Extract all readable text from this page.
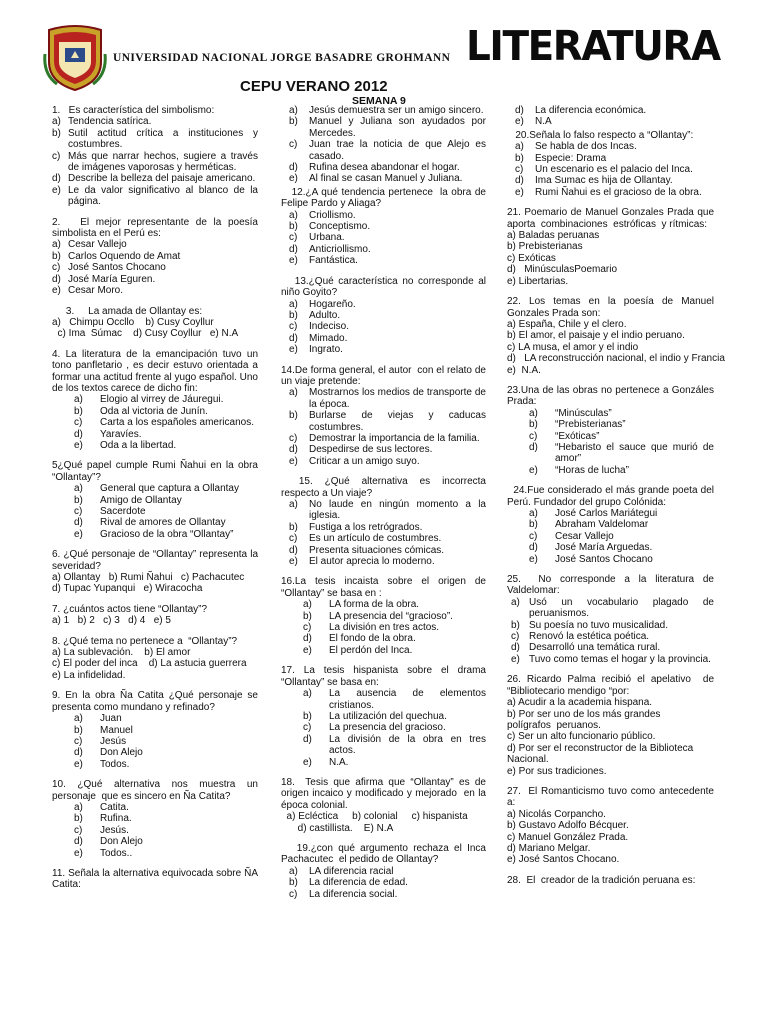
UNIVERSIDAD NACIONAL JORGE BASADRE GROHMANN LITERATURA
CEPU VERANO 2012
SEMANA 9
1.   Es característica del simbolismo:
a) Tendencia satírica.
b) Sutil actitud crítica a instituciones y costumbres.
c) Más que narrar hechos, sugiere a través de imágenes vaporosas y herméticas.
d) Describe la belleza del paisaje americano.
e) Le da valor significativo al blanco de la página.
2.   El mejor representante de la poesía simbolista en el Perú es:
a) Cesar Vallejo
b) Carlos Oquendo de Amat
c) José Santos Chocano
d) José María Eguren.
e) Cesar Moro.
3.     La amada de Ollantay es:
a)   Chimpu Occllo    b) Cusy Coyllur
c) Ima  Súmac    d) Cusy Coyllur   e) N.A
4. La literatura de la emancipación tuvo un tono panfletario , es decir estuvo orientada a formar una actitud frente al yugo español. Uno de los textos carece de dicho fin:
a)	Elogio al virrey de Jáuregui.
b)	Oda al victoria de Junín.
c)	Carta a los españoles americanos.
d)	Yaravíes.
e)	Oda a la libertad.
5¿Qué papel cumple Rumi Ñahui en la obra “Ollantay”?
a)	General que captura a Ollantay
b)	Amigo de Ollantay
c)	Sacerdote
d)	Rival de amores de Ollantay
e)	Gracioso de la obra “Ollantay”
6. ¿Qué personaje de “Ollantay” representa la severidad?
a) Ollantay   b) Rumi Ñahui   c) Pachacutec
d) Tupac Yupanqui   e) Wiracocha
7. ¿cuántos actos tiene “Ollantay”?
a) 1   b) 2   c) 3   d) 4   e) 5
8. ¿Qué tema no pertenece a  “Ollantay”?
a) La sublevación.    b) El amor
c) El poder del inca    d) La astucia guerrera
e) La infidelidad.
9. En la obra Ña Catita ¿Qué personaje se presenta como mundano y refinado?
a)	Juan
b)	Manuel
c)	Jesús
d)	Don Alejo
e)	Todos.
10.  ¿Qué  alternativa  nos  muestra  un personaje  que es sincero en Ña Catita?
a)	Catita.
b)	Rufina.
c)	Jesús.
d)	Don Alejo
e)	Todos..
11. Señala la alternativa equivocada sobre ÑA Catita:
a)	Jesús demuestra ser un amigo sincero.
b)	Manuel y Juliana son ayudados por Mercedes.
c)	Juan trae la noticia de que Alejo es casado.
d)	Rufina desea abandonar el hogar.
e)	Al final se casan Manuel y Juliana.
12.¿A qué tendencia pertenece  la obra de Felipe Pardo y Aliaga?
a)	Criollismo.
b)	Conceptismo.
c)	Urbana.
d)	Anticriollismo.
e)	Fantástica.
13.¿Qué característica no corresponde al niño Goyito?
a)	Hogareño.
b)	Adulto.
c)	Indeciso.
d)	Mimado.
e)	Ingrato.
14.De forma general, el autor  con el relato de un viaje pretende:
a)	Mostrarnos los medios de transporte de la época.
b)	Burlarse de viejas y caducas costumbres.
c)	Demostrar la importancia de la familia.
d)	Despedirse de sus lectores.
e)	Criticar a un amigo suyo.
15.  ¿Qué  alternativa  es  incorrecta respecto a Un viaje?
a)	No laude en ningún momento a la iglesia.
b)	Fustiga a los retrógrados.
c)	Es un artículo de costumbres.
d)	Presenta situaciones cómicas.
e)	El autor aprecia lo moderno.
16.La  tesis  incaista  sobre  el  origen  de “Ollantay” se basa en :
a)	LA forma de la obra.
b)	LA presencia del “gracioso”.
c)	La división en tres actos.
d)	El fondo de la obra.
e)	El perdón del Inca.
17.  La  tesis  hispanista  sobre  el  drama “Ollantay” se basa en:
a)	La ausencia de elementos cristianos.
b)	La utilización del quechua.
c)	La presencia del gracioso.
d)	La división de la obra en tres actos.
e)	N.A.
18.  Tesis que afirma que “Ollantay” es de origen incaico y modificado y mejorado  en la época colonial.
a) Ecléctica     b) colonial     c) hispanista
d) castillista.    E) N.A
19.¿con qué argumento rechaza el Inca Pachacutec  el pedido de Ollantay?
a)	LA diferencia racial
b)	La diferencia de edad.
c)	La diferencia social.
d)	La diferencia económica.
e)	N.A
20.Señala lo falso respecto a “Ollantay”:
a)	Se habla de dos Incas.
b)	Especie: Drama
c)	Un escenario es el palacio del Inca.
d)	Ima Sumac es hija de Ollantay.
e)	Rumi Ñahui es el gracioso de la obra.
21. Poemario de Manuel Gonzales Prada que  aporta  combinaciones  estróficas  y rítmicas:
a) Baladas peruanas
b) Prebisterianas
c) Exóticas
d)   MinúsculasPoemario
e) Libertarias.
22.  Los  temas  en  la  poesía  de  Manuel Gonzales Prada son:
a) España, Chile y el clero.
b) El amor, el paisaje y el indio peruano.
c) LA musa, el amor y el indio
d)   LA reconstrucción nacional, el indio y Francia
e)  N.A.
23.Una de las obras no pertenece a Gonzáles Prada:
a)	“Minúsculas”
b)	“Prebisterianas”
c)	“Exóticas”
d)	“Hebaristo el sauce que murió de amor”
e)	“Horas de lucha”
24.Fue considerado el más grande poeta del Perú. Fundador del grupo Colónida:
a)	José Carlos Mariátegui
b)	Abraham Valdelomar
c)	Cesar Vallejo
d)	José María Arguedas.
e)	José Santos Chocano
25.  No corresponde a la literatura de Valdelomar:
a) Usó un vocabulario plagado de peruanismos.
b) Su poesía no tuvo musicalidad.
c) Renovó la estética poética.
d) Desarrolló una temática rural.
e) Tuvo como temas el hogar y la provincia.
26. Ricardo Palma recibió el apelativo  de “Bibliotecario mendigo “por:
a) Acudir a la academia hispana.
b) Por ser uno de los más grandes
polígrafos  peruanos.
c) Ser un alto funcionario público.
d) Por ser el reconstructor de la Biblioteca
Nacional.
e) Por sus tradiciones.
27.  El Romanticismo tuvo como antecedente a:
a) Nicolás Corpancho.
b) Gustavo Adolfo Bécquer.
c) Manuel González Prada.
d) Mariano Melgar.
e) José Santos Chocano.
28.  El  creador de la tradición peruana es:
